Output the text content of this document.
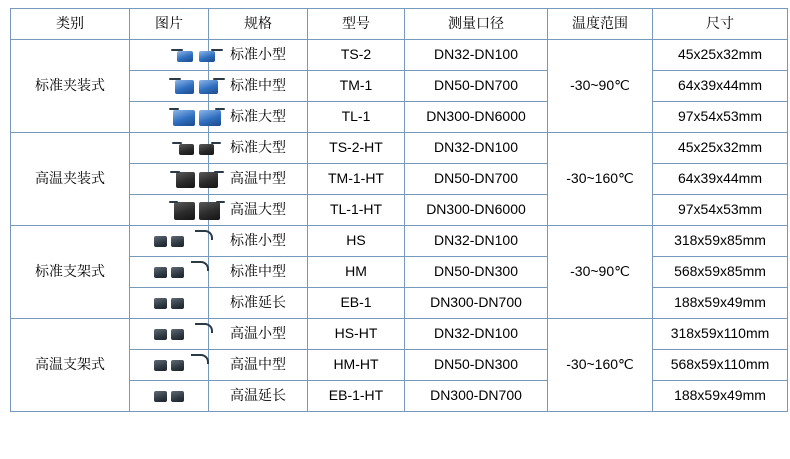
类别	图片	规格	型号	测量口径	温度范围	尺寸
标准夹装式		标准小型	TS-2	DN32-DN100	-30~90℃	45x25x32mm

		标准中型	TM-1	DN50-DN700		64x39x44mm

		标准大型	TL-1	DN300-DN6000		97x54x53mm
高温夹装式		标准大型	TS-2-HT	DN32-DN100	-30~160℃	45x25x32mm

		高温中型	TM-1-HT	DN50-DN700		64x39x44mm

		高温大型	TL-1-HT	DN300-DN6000		97x54x53mm
标准支架式		标准小型	HS	DN32-DN100	-30~90℃	318x59x85mm

		标准中型	HM	DN50-DN300		568x59x85mm

		标准延长	EB-1	DN300-DN700		188x59x49mm
高温支架式		高温小型	HS-HT	DN32-DN100	-30~160℃	318x59x110mm

		高温中型	HM-HT	DN50-DN300		568x59x110mm

		高温延长	EB-1-HT	DN300-DN700		188x59x49mm
